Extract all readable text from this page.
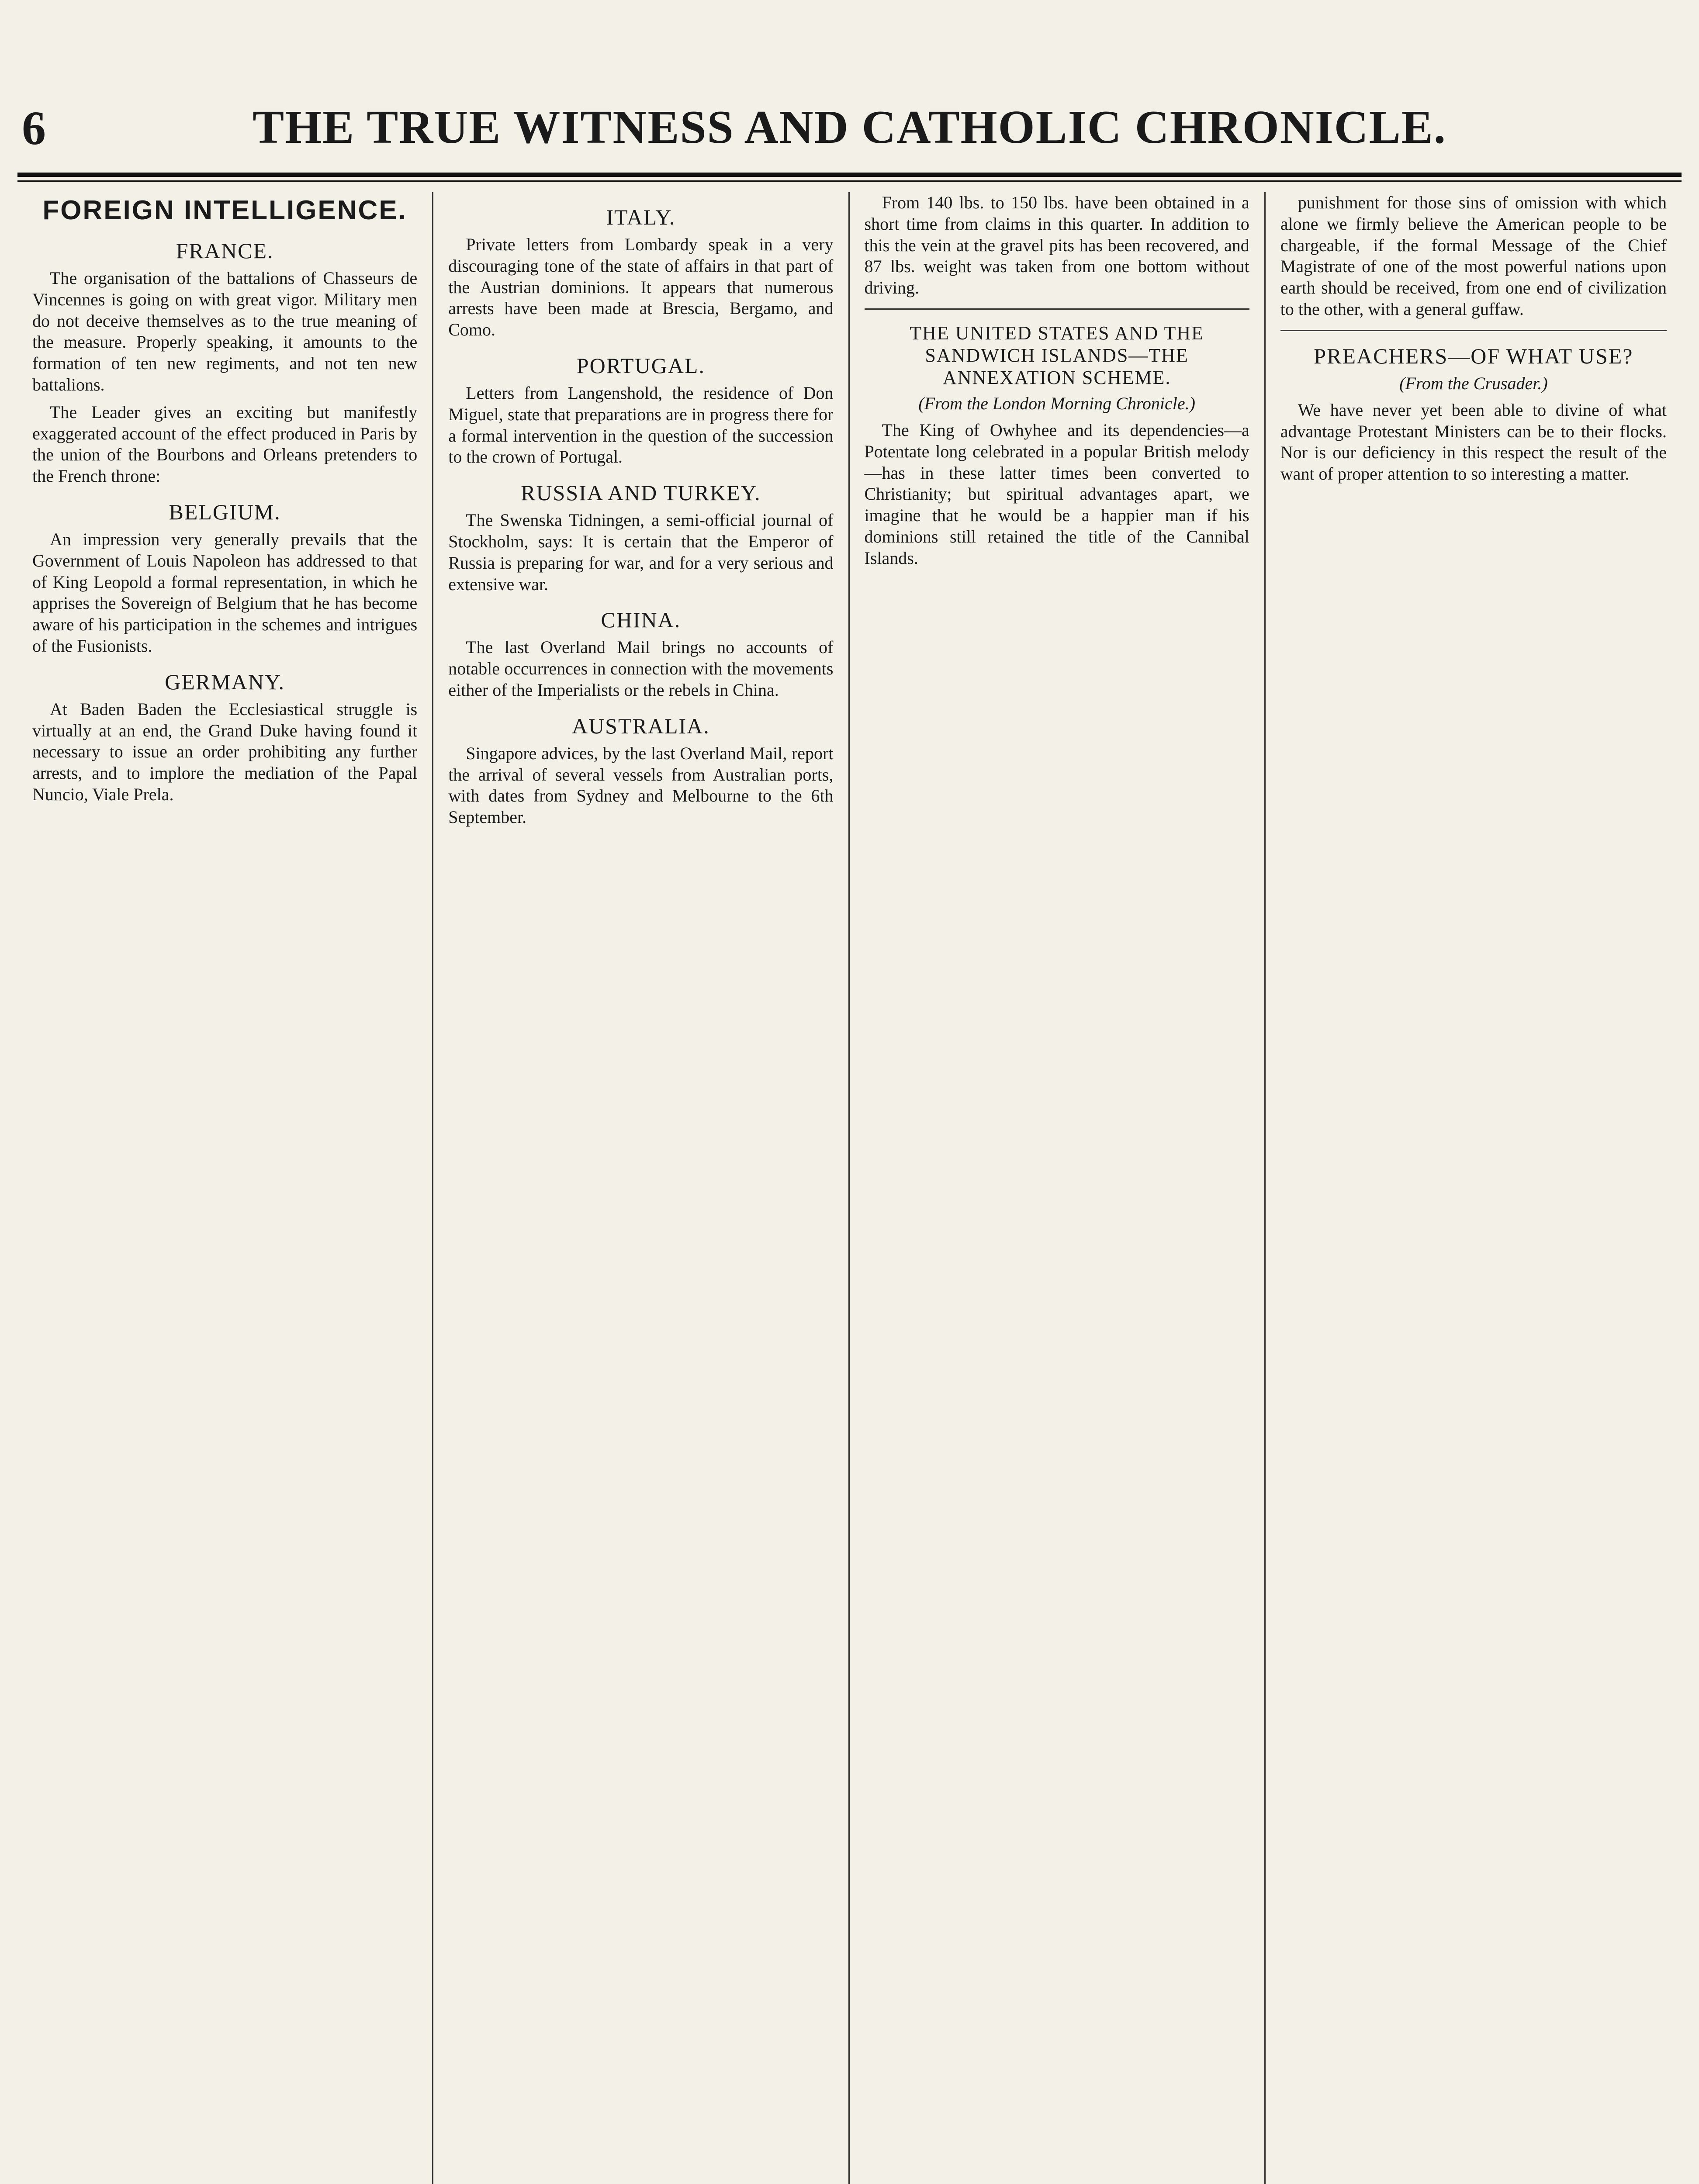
6	THE TRUE WITNESS AND CATHOLIC CHRONICLE.
FOREIGN INTELLIGENCE.
FRANCE.

The organisation of the battalions of Chasseurs de Vincennes is going on with great vigor. Military men do not deceive themselves as to the true meaning of the measure. Properly speaking, it amounts to the formation of ten new regiments, and not ten new battalions.

The Leader gives an exciting but manifestly exaggerated account of the effect produced in Paris by the union of the Bourbons and Orleans pretenders to the French throne:

BELGIUM.

An impression very generally prevails that the Government of Louis Napoleon has addressed to that of King Leopold a formal representation, in which he apprises the Sovereign of Belgium that he has become aware of his participation in the schemes and intrigues of the Fusionists.

GERMANY.

At Baden Baden the Ecclesiastical struggle is virtually at an end, the Grand Duke having found it necessary to issue an order prohibiting any further arrests, and to implore the mediation of the Papal Nuncio, Viale Prela.

ITALY.

Private letters from Lombardy speak in a very discouraging tone of the state of affairs in that part of the Austrian dominions. It appears that numerous arrests have been made at Brescia, Bergamo, and Como.

PORTUGAL.

Letters from Langenshold, the residence of Don Miguel, state that preparations are in progress there for a formal intervention in the question of the succession to the crown of Portugal.

RUSSIA AND TURKEY.

The Swenska Tidningen, a semi-official journal of Stockholm, says: It is certain that the Emperor of Russia is preparing for war, and for a very serious and extensive war.

CHINA.

The last Overland Mail brings no accounts of notable occurrences in connection with the movements either of the Imperialists or the rebels in China.

AUSTRALIA.

Singapore advices, by the last Overland Mail, report the arrival of several vessels from Australian ports, with dates from Sydney and Melbourne to the 6th September.

From 140 lbs. to 150 lbs. have been obtained in a short time from claims in this quarter. In addition to this the vein at the gravel pits has been recovered, and 87 lbs. weight was taken from one bottom without driving.

THE UNITED STATES AND THE SANDWICH ISLANDS—THE ANNEXATION SCHEME.
(From the London Morning Chronicle.)

The King of Owhyhee and its dependencies—a Potentate long celebrated in a popular British melody—has in these latter times been converted to Christianity; but spiritual advantages apart, we imagine that he would be a happier man if his dominions still retained the title of the Cannibal Islands.

punishment for those sins of omission with which alone we firmly believe the American people to be chargeable, if the formal Message of the Chief Magistrate of one of the most powerful nations upon earth should be received, from one end of civilization to the other, with a general guffaw.

PREACHERS—OF WHAT USE?
(From the Crusader.)

We have never yet been able to divine of what advantage Protestant Ministers can be to their flocks. Nor is our deficiency in this respect the result of the want of proper attention to so interesting a matter.
